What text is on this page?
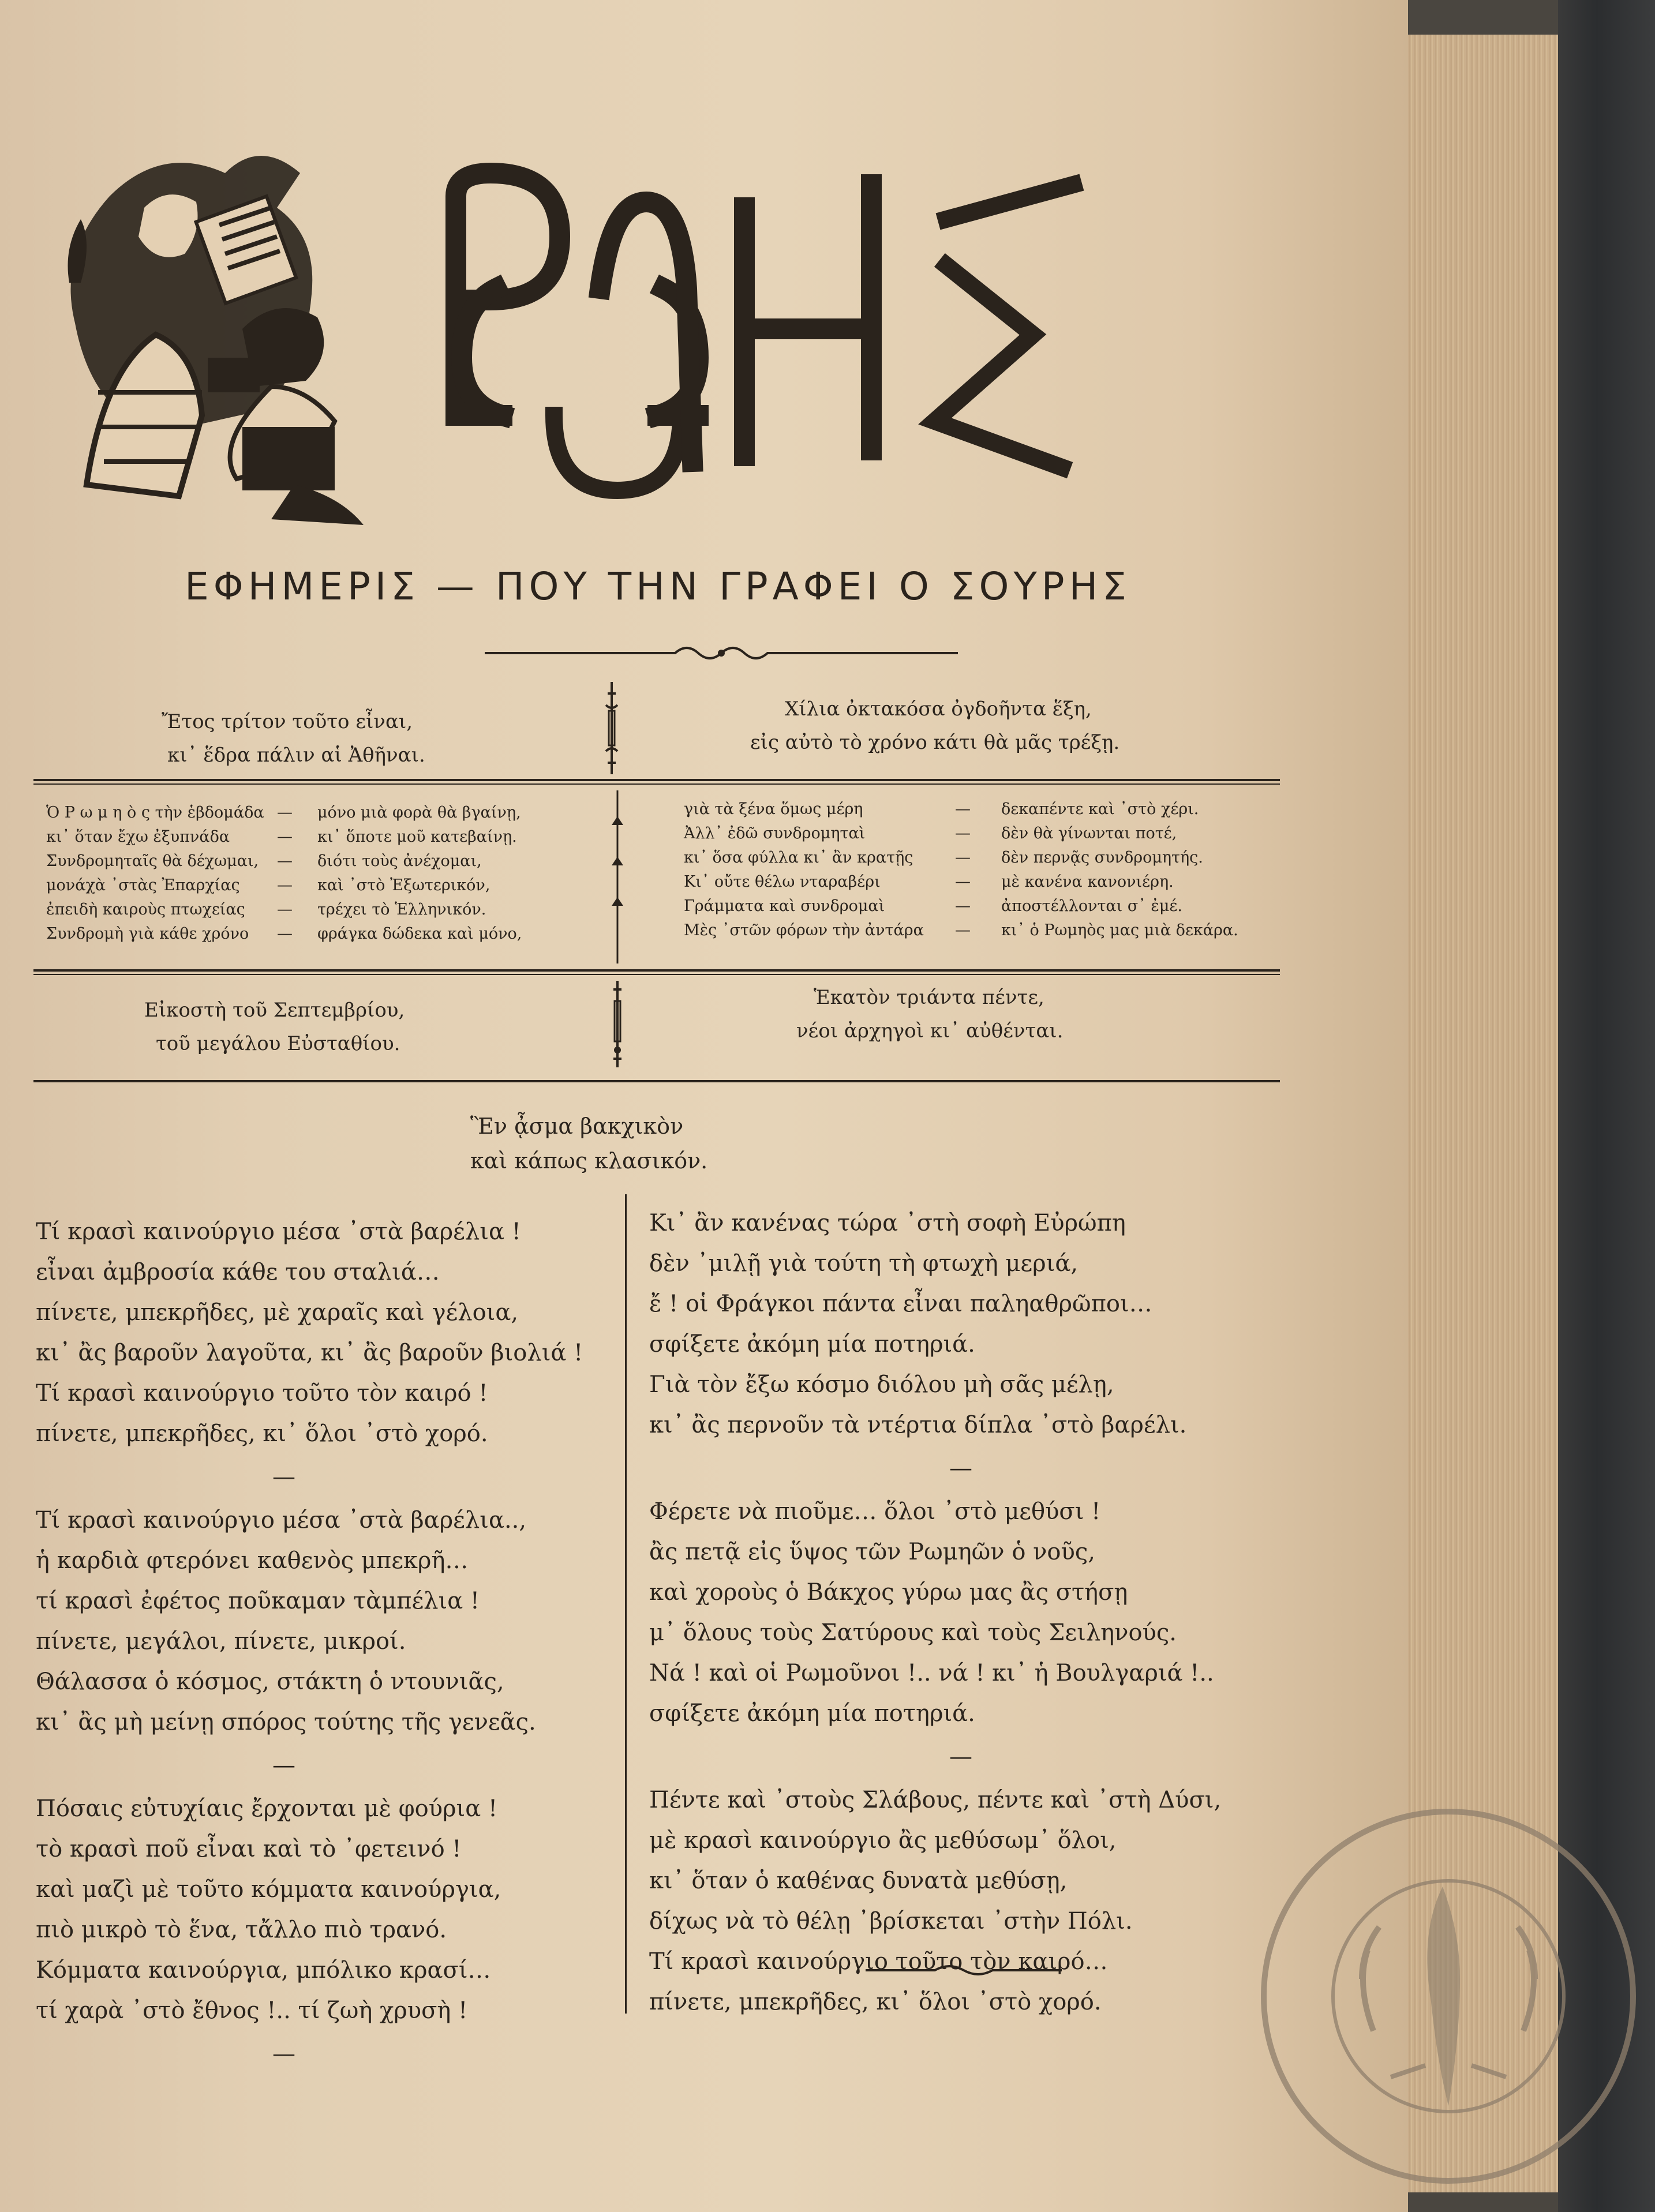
ΕΦΗΜΕΡΙΣ — ΠΟΥ ΤΗΝ ΓΡΑΦΕΙ Ο ΣΟΥΡΗΣ
Ἔτος τρίτον τοῦτο εἶναι,
κι᾽ ἕδρα πάλιν αἱ Ἀθῆναι.
Χίλια ὀκτακόσα ὀγδοῆντα ἕξη,
εἰς αὐτὸ τὸ χρόνο κάτι θὰ μᾶς τρέξῃ.
Ὁ Ρ ω μ η ὸ ς τὴν ἑβδομάδα — μόνο μιὰ φορὰ θὰ βγαίνῃ,
κι᾽ ὅταν ἔχω ἐξυπνάδα	— κι᾽ ὅποτε μοῦ κατεβαίνῃ.
Συνδρομηταῖς θὰ δέχωμαι, — διότι τοὺς ἀνέχομαι,
μονάχὰ ᾽στὰς Ἐπαρχίας — καὶ ᾽στὸ Ἐξωτερικόν,
ἐπειδὴ καιροὺς πτωχείας — τρέχει τὸ Ἑλληνικόν.
Συνδρομὴ γιὰ κάθε χρόνο — φράγκα δώδεκα καὶ μόνο,
γιὰ τὰ ξένα ὅμως μέρη	— δεκαπέντε καὶ ᾽στὸ χέρι.
Ἀλλ᾽ ἐδῶ συνδρομηταὶ	— δὲν θὰ γίνωνται ποτέ,
κι᾽ ὅσα φύλλα κι᾽ ἂν κρατῇς	— δὲν περνᾷς συνδρομητής.
Κι᾽ οὔτε θέλω νταραβέρι	— μὲ κανένα κανονιέρη.
Γράμματα καὶ συνδρομαὶ	— ἀποστέλλονται σ᾽ ἐμέ.
Μὲς ᾽στῶν φόρων τὴν ἀντάρα — κι᾽ ὁ Ρωμηὸς μας μιὰ δεκάρα.
Εἰκοστὴ τοῦ Σεπτεμβρίου,
τοῦ μεγάλου Εὐσταθίου.
Ἑκατὸν τριάντα πέντε,
νέοι ἀρχηγοὶ κι᾽ αὐθένται.
Ἓν ᾆσμα βακχικὸν
καὶ κάπως κλασικόν.
Τί κρασὶ καινούργιο μέσα ᾽στὰ βαρέλια !
εἶναι ἀμβροσία κάθε του σταλιά…
πίνετε, μπεκρῆδες, μὲ χαραῖς καὶ γέλοια,
κι᾽ ἂς βαροῦν λαγοῦτα, κι᾽ ἂς βαροῦν βιολιά !
Τί κρασὶ καινούργιο τοῦτο τὸν καιρό !
πίνετε, μπεκρῆδες, κι᾽ ὅλοι ᾽στὸ χορό.
—
Τί κρασὶ καινούργιο μέσα ᾽στὰ βαρέλια..,
ἡ καρδιὰ φτερόνει καθενὸς μπεκρῆ…
τί κρασὶ ἐφέτος ποῦκαμαν τὰμπέλια !
πίνετε, μεγάλοι, πίνετε, μικροί.
Θάλασσα ὁ κόσμος, στάκτη ὁ ντουνιᾶς,
κι᾽ ἂς μὴ μείνῃ σπόρος τούτης τῆς γενεᾶς.
—
Πόσαις εὐτυχίαις ἔρχονται μὲ φούρια !
τὸ κρασὶ ποῦ εἶναι καὶ τὸ ᾽φετεινό !
καὶ μαζὶ μὲ τοῦτο κόμματα καινούργια,
πιὸ μικρὸ τὸ ἕνα, τἄλλο πιὸ τρανό.
Κόμματα καινούργια, μπόλικο κρασί…
τί χαρὰ ᾽στὸ ἔθνος !.. τί ζωὴ χρυσὴ !
—
Κι᾽ ἂν κανένας τώρα ᾽στὴ σοφὴ Εὐρώπη
δὲν ᾽μιλῇ γιὰ τούτη τὴ φτωχὴ μεριά,
ἔ ! οἱ Φράγκοι πάντα εἶναι παληαθρῶποι…
σφίξετε ἀκόμη μία ποτηριά.
Γιὰ τὸν ἔξω κόσμο διόλου μὴ σᾶς μέλῃ,
κι᾽ ἂς περνοῦν τὰ ντέρτια δίπλα ᾽στὸ βαρέλι.
—
Φέρετε νὰ πιοῦμε… ὅλοι ᾽στὸ μεθύσι !
ἂς πετᾷ εἰς ὕψος τῶν Ρωμηῶν ὁ νοῦς,
καὶ χοροὺς ὁ Βάκχος γύρω μας ἂς στήσῃ
μ᾽ ὅλους τοὺς Σατύρους καὶ τοὺς Σειληνούς.
Νά ! καὶ οἱ Ρωμοῦνοι !.. νά ! κι᾽ ἡ Βουλγαριά !..
σφίξετε ἀκόμη μία ποτηριά.
—
Πέντε καὶ ᾽στοὺς Σλάβους, πέντε καὶ ᾽στὴ Δύσι,
μὲ κρασὶ καινούργιο ἂς μεθύσωμ᾽ ὅλοι,
κι᾽ ὅταν ὁ καθένας δυνατὰ μεθύσῃ,
δίχως νὰ τὸ θέλῃ ᾽βρίσκεται ᾽στὴν Πόλι.
Τί κρασὶ καινούργιο τοῦτο τὸν καιρό…
πίνετε, μπεκρῆδες, κι᾽ ὅλοι ᾽στὸ χορό.
